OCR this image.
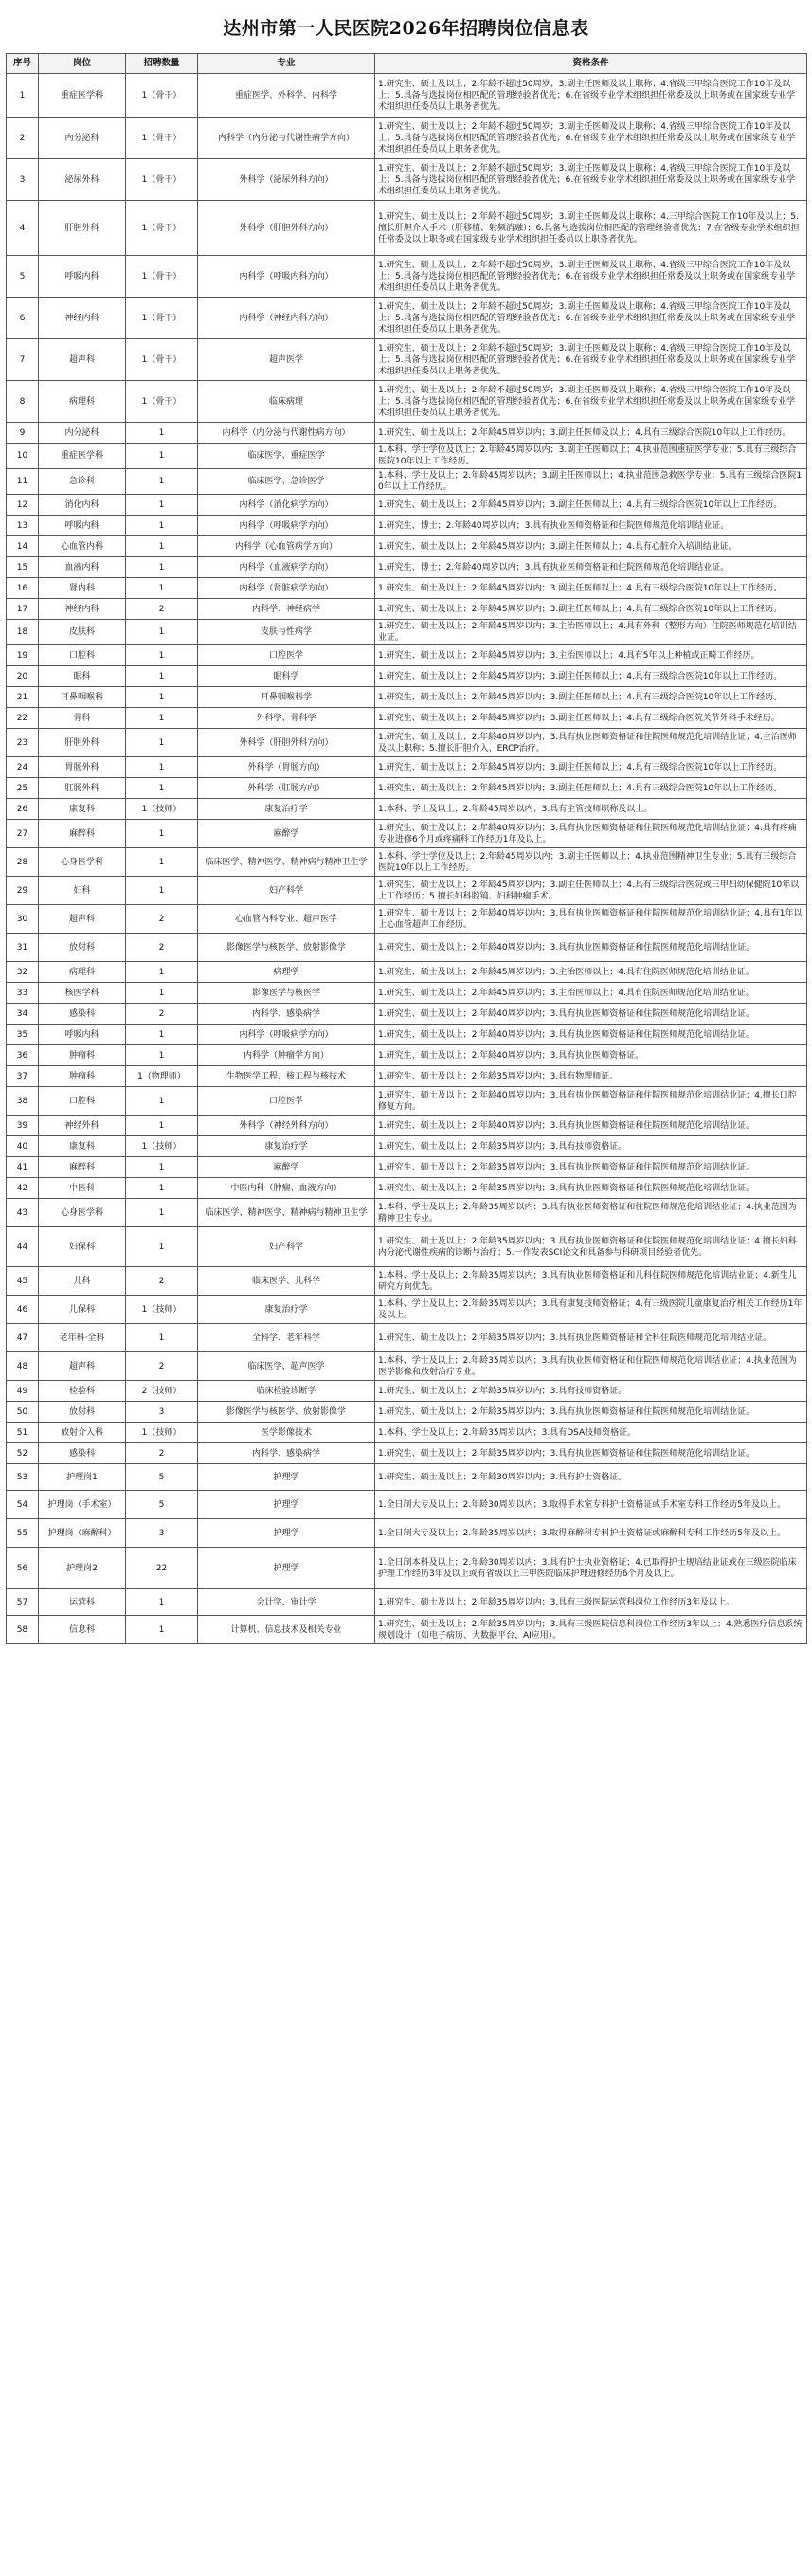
达州市第一人民医院2026年招聘岗位信息表
序号	岗位	招聘数量	专业	资格条件
1	重症医学科	1（骨干）	重症医学、外科学、内科学	1.研究生、硕士及以上；2.年龄不超过50周岁；3.副主任医师及以上职称；4.省级三甲综合医院工作10年及以上；5.具备与选拔岗位相匹配的管理经验者优先；6.在省级专业学术组织担任常委及以上职务或在国家级专业学术组织担任委员以上职务者优先。
2	内分泌科	1（骨干）	内科学（内分泌与代谢性病学方向）	1.研究生、硕士及以上；2.年龄不超过50周岁；3.副主任医师及以上职称；4.省级三甲综合医院工作10年及以上；5.具备与选拔岗位相匹配的管理经验者优先；6.在省级专业学术组织担任常委及以上职务或在国家级专业学术组织担任委员以上职务者优先。
3	泌尿外科	1（骨干）	外科学（泌尿外科方向）	1.研究生、硕士及以上；2.年龄不超过50周岁；3.副主任医师及以上职称；4.省级三甲综合医院工作10年及以上；5.具备与选拔岗位相匹配的管理经验者优先；6.在省级专业学术组织担任常委及以上职务或在国家级专业学术组织担任委员以上职务者优先。
4	肝胆外科	1（骨干）	外科学（肝胆外科方向）	1.研究生、硕士及以上；2.年龄不超过50周岁；3.副主任医师及以上职称；4.三甲综合医院工作10年及以上；5.擅长肝胆介入手术（肝移植、射频消融）；6.具备与选拔岗位相匹配的管理经验者优先；7.在省级专业学术组织担任常委及以上职务或在国家级专业学术组织担任委员以上职务者优先。
5	呼吸内科	1（骨干）	内科学（呼吸内科方向）	1.研究生、硕士及以上；2.年龄不超过50周岁；3.副主任医师及以上职称；4.省级三甲综合医院工作10年及以上；5.具备与选拔岗位相匹配的管理经验者优先；6.在省级专业学术组织担任常委及以上职务或在国家级专业学术组织担任委员以上职务者优先。
6	神经内科	1（骨干）	内科学（神经内科方向）	1.研究生、硕士及以上；2.年龄不超过50周岁；3.副主任医师及以上职称；4.省级三甲综合医院工作10年及以上；5.具备与选拔岗位相匹配的管理经验者优先；6.在省级专业学术组织担任常委及以上职务或在国家级专业学术组织担任委员以上职务者优先。
7	超声科	1（骨干）	超声医学	1.研究生、硕士及以上；2.年龄不超过50周岁；3.副主任医师及以上职称；4.省级三甲综合医院工作10年及以上；5.具备与选拔岗位相匹配的管理经验者优先；6.在省级专业学术组织担任常委及以上职务或在国家级专业学术组织担任委员以上职务者优先。
8	病理科	1（骨干）	临床病理	1.研究生、硕士及以上；2.年龄不超过50周岁；3.副主任医师及以上职称；4.省级三甲综合医院工作10年及以上；5.具备与选拔岗位相匹配的管理经验者优先；6.在省级专业学术组织担任常委及以上职务或在国家级专业学术组织担任委员以上职务者优先。
9	内分泌科	1	内科学（内分泌与代谢性病方向）	1.研究生、硕士及以上；2.年龄45周岁以内；3.副主任医师及以上；4.具有三级综合医院10年以上工作经历。
10	重症医学科	1	临床医学、重症医学	1.本科、学士学位及以上；2.年龄45周岁以内；3.副主任医师以上；4.执业范围重症医学专业；5.具有三级综合医院10年以上工作经历。
11	急诊科	1	临床医学、急诊医学	1.本科、学士及以上；2.年龄45周岁以内；3.副主任医师以上；4.执业范围急救医学专业；5.具有三级综合医院10年以上工作经历。
12	消化内科	1	内科学（消化病学方向）	1.研究生、硕士及以上；2.年龄45周岁以内；3.副主任医师以上；4.具有三级综合医院10年以上工作经历。
13	呼吸内科	1	内科学（呼吸病学方向）	1.研究生、博士；2.年龄40周岁以内；3.具有执业医师资格证和住院医师规范化培训结业证。
14	心血管内科	1	内科学（心血管病学方向）	1.研究生、硕士及以上；2.年龄45周岁以内；3.副主任医师以上；4.具有心脏介入培训结业证。
15	血液内科	1	内科学（血液病学方向）	1.研究生、博士；2.年龄40周岁以内；3.具有执业医师资格证和住院医师规范化培训结业证。
16	肾内科	1	内科学（肾脏病学方向）	1.研究生、硕士及以上；2.年龄45周岁以内；3.副主任医师以上；4.具有三级综合医院10年以上工作经历。
17	神经内科	2	内科学、神经病学	1.研究生、硕士及以上；2.年龄45周岁以内；3.副主任医师以上；4.具有三级综合医院10年以上工作经历。
18	皮肤科	1	皮肤与性病学	1.研究生、硕士及以上；2.年龄45周岁以内；3.主治医师以上；4.具有外科（整形方向）住院医师规范化培训结业证。
19	口腔科	1	口腔医学	1.研究生、硕士及以上；2.年龄45周岁以内；3.主治医师以上；4.具有5年以上种植或正畸工作经历。
20	眼科	1	眼科学	1.研究生、硕士及以上；2.年龄45周岁以内；3.副主任医师以上；4.具有三级综合医院10年以上工作经历。
21	耳鼻咽喉科	1	耳鼻咽喉科学	1.研究生、硕士及以上；2.年龄45周岁以内；3.副主任医师以上；4.具有三级综合医院10年以上工作经历。
22	骨科	1	外科学、骨科学	1.研究生、硕士及以上；2.年龄45周岁以内；3.副主任医师以上；4.具有三级综合医院关节外科手术经历。
23	肝胆外科	1	外科学（肝胆外科方向）	1.研究生、硕士及以上；2.年龄40周岁以内；3.具有执业医师资格证和住院医师规范化培训结业证；4.主治医师及以上职称；5.擅长肝胆介入、ERCP治疗。
24	胃肠外科	1	外科学（胃肠方向）	1.研究生、硕士及以上；2.年龄45周岁以内；3.副主任医师以上；4.具有三级综合医院10年以上工作经历。
25	肛肠外科	1	外科学（肛肠方向）	1.研究生、硕士及以上；2.年龄45周岁以内；3.副主任医师以上；4.具有三级综合医院10年以上工作经历。
26	康复科	1（技师）	康复治疗学	1.本科、学士及以上；2.年龄45周岁以内；3.具有主管技师职称及以上。
27	麻醉科	1	麻醉学	1.研究生、硕士及以上；2.年龄40周岁以内；3.具有执业医师资格证和住院医师规范化培训结业证；4.具有疼痛专业进修6个月或疼痛科工作经历1年及以上。
28	心身医学科	1	临床医学、精神医学、精神病与精神卫生学	1.本科、学士学位及以上；2.年龄45周岁以内；3.副主任医师以上；4.执业范围精神卫生专业；5.具有三级综合医院10年以上工作经历。
29	妇科	1	妇产科学	1.研究生、硕士及以上；2.年龄45周岁以内；3.副主任医师以上；4.具有三级综合医院或三甲妇幼保健院10年以上工作经历；5.擅长妇科腔镜、妇科肿瘤手术。
30	超声科	2	心血管内科专业、超声医学	1.研究生、硕士及以上；2.年龄40周岁以内；3.具有执业医师资格证和住院医师规范化培训结业证；4.具有1年以上心血管超声工作经历。
31	放射科	2	影像医学与核医学、放射影像学	1.研究生、硕士及以上；2.年龄40周岁以内；3.具有执业医师资格证和住院医师规范化培训结业证。
32	病理科	1	病理学	1.研究生、硕士及以上；2.年龄45周岁以内；3.主治医师以上；4.具有住院医师规范化培训结业证。
33	核医学科	1	影像医学与核医学	1.研究生、硕士及以上；2.年龄45周岁以内；3.主治医师以上；4.具有住院医师规范化培训结业证。
34	感染科	2	内科学、感染病学	1.研究生、硕士及以上；2.年龄40周岁以内；3.具有执业医师资格证和住院医师规范化培训结业证。
35	呼吸内科	1	内科学（呼吸病学方向）	1.研究生、硕士及以上；2.年龄40周岁以内；3.具有执业医师资格证和住院医师规范化培训结业证。
36	肿瘤科	1	内科学（肿瘤学方向）	1.研究生、硕士及以上；2.年龄40周岁以内；3.具有执业医师资格证。
37	肿瘤科	1（物理师）	生物医学工程、核工程与核技术	1.研究生、硕士及以上；2.年龄35周岁以内；3.具有物理师证。
38	口腔科	1	口腔医学	1.研究生、硕士及以上；2.年龄40周岁以内；3.具有执业医师资格证和住院医师规范化培训结业证；4.擅长口腔修复方向。
39	神经外科	1	外科学（神经外科方向）	1.研究生、硕士及以上；2.年龄40周岁以内；3.具有执业医师资格证和住院医师规范化培训结业证。
40	康复科	1（技师）	康复治疗学	1.研究生、硕士及以上；2.年龄35周岁以内；3.具有技师资格证。
41	麻醉科	1	麻醉学	1.研究生、硕士及以上；2.年龄35周岁以内；3.具有执业医师资格证和住院医师规范化培训结业证。
42	中医科	1	中医内科（肿瘤、血液方向）	1.研究生、硕士及以上；2.年龄35周岁以内；3.具有执业医师资格证和住院医师规范化培训结业证。
43	心身医学科	1	临床医学、精神医学、精神病与精神卫生学	1.本科、学士及以上；2.年龄35周岁以内；3.具有执业医师资格证和住院医师规范化培训结业证；4.执业范围为精神卫生专业。
44	妇保科	1	妇产科学	1.研究生、硕士及以上；2.年龄35周岁以内；3.具有执业医师资格证和住院医师规范化培训结业证；4.擅长妇科内分泌代谢性疾病的诊断与治疗；5.一作发表SCI论文和具备参与科研项目经验者优先。
45	儿科	2	临床医学、儿科学	1.本科、学士及以上；2.年龄35周岁以内；3.具有执业医师资格证和儿科住院医师规范化培训结业证；4.新生儿研究方向优先。
46	儿保科	1（技师）	康复治疗学	1.本科、学士及以上；2.年龄35周岁以内；3.具有康复技师资格证；4.有三级医院儿童康复治疗相关工作经历1年及以上。
47	老年科·全科	1	全科学、老年科学	1.研究生、硕士及以上；2.年龄35周岁以内；3.具有执业医师资格证和全科住院医师规范化培训结业证。
48	超声科	2	临床医学、超声医学	1.本科、学士及以上；2.年龄35周岁以内；3.具有执业医师资格证和住院医师规范化培训结业证；4.执业范围为医学影像和放射治疗专业。
49	检验科	2（技师）	临床检验诊断学	1.研究生、硕士及以上；2.年龄35周岁以内；3.具有技师资格证。
50	放射科	3	影像医学与核医学、放射影像学	1.研究生、硕士及以上；2.年龄35周岁以内；3.具有执业医师资格证和住院医师规范化培训结业证。
51	放射介入科	1（技师）	医学影像技术	1.本科、学士及以上；2.年龄35周岁以内；3.具有DSA技师资格证。
52	感染科	2	内科学、感染病学	1.研究生、硕士及以上；2.年龄35周岁以内；3.具有执业医师资格证和住院医师规范化培训结业证。
53	护理岗1	5	护理学	1.研究生、硕士及以上；2.年龄30周岁以内；3.具有护士资格证。
54	护理岗（手术室）	5	护理学	1.全日制大专及以上；2.年龄30周岁以内；3.取得手术室专科护士资格证或手术室专科工作经历5年及以上。
55	护理岗（麻醉科）	3	护理学	1.全日制大专及以上；2.年龄35周岁以内；3.取得麻醉科专科护士资格证或麻醉科专科工作经历5年及以上。
56	护理岗2	22	护理学	1.全日制本科及以上；2.年龄30周岁以内；3.具有护士执业资格证；4.已取得护士规培结业证或在三级医院临床护理工作经历3年及以上或有省级以上三甲医院临床护理进修经历6个月及以上。
57	运营科	1	会计学、审计学	1.研究生、硕士及以上；2.年龄35周岁以内；3.具有三级医院运营科岗位工作经历3年及以上。
58	信息科	1	计算机、信息技术及相关专业	1.研究生、硕士及以上；2.年龄35周岁以内；3.具有三级医院信息科岗位工作经历3年以上；4.熟悉医疗信息系统规划设计（如电子病历、大数据平台、AI应用）。
